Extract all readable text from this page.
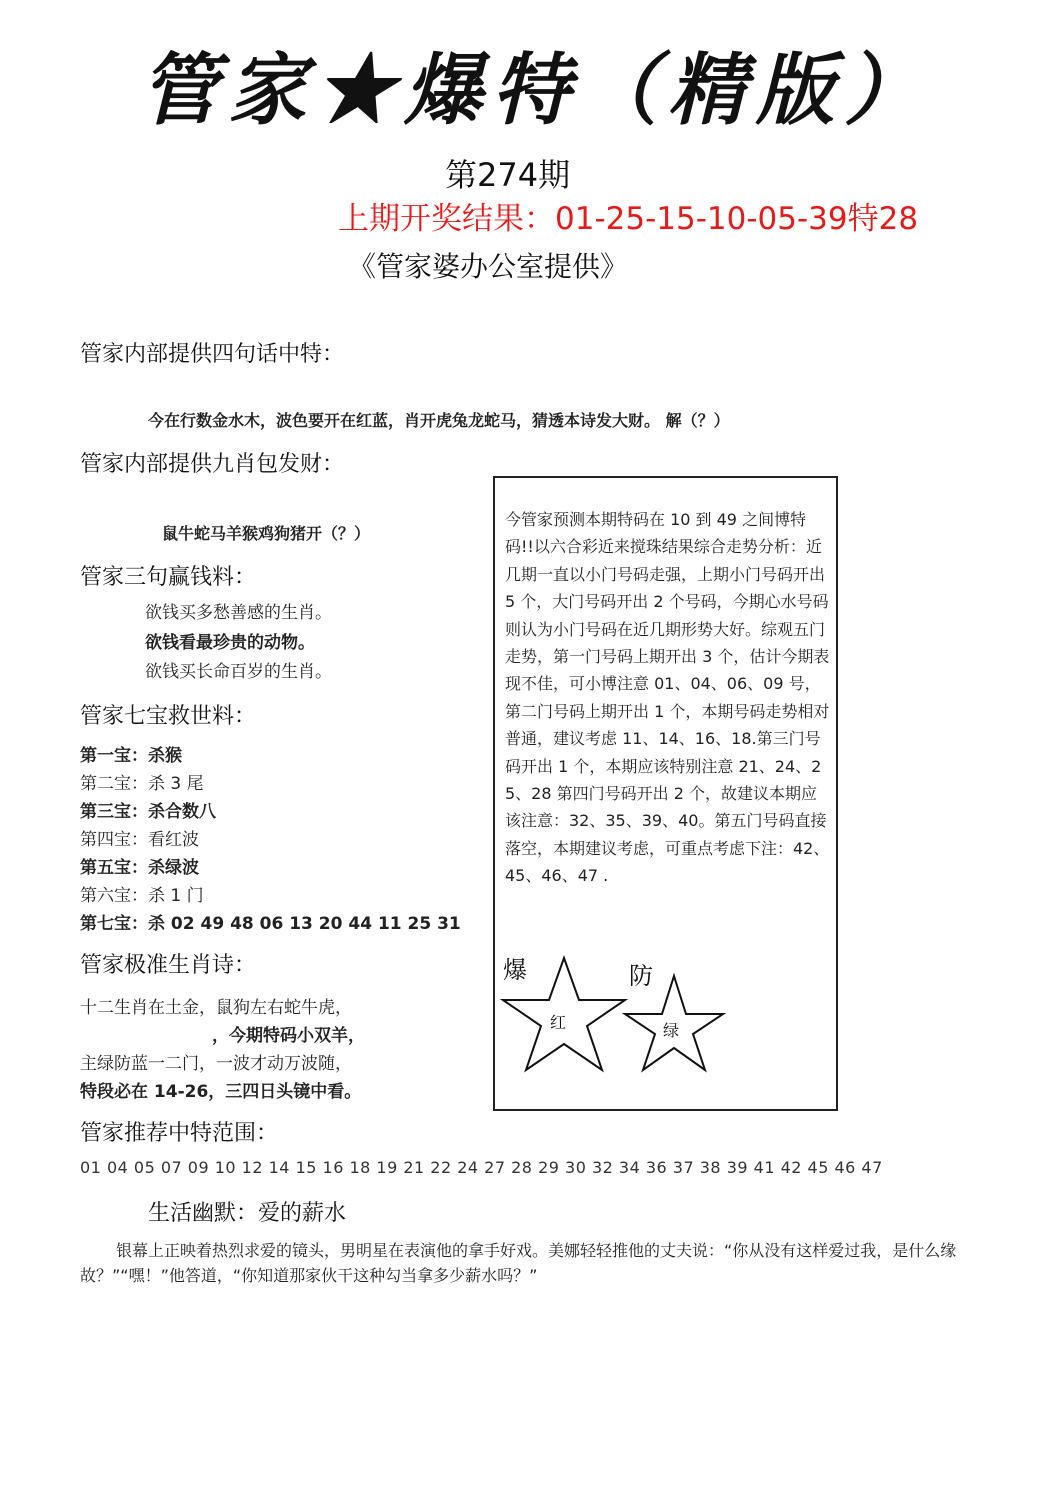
管家★爆特（精版）
第274期
上期开奖结果：01-25-15-10-05-39特28
《管家婆办公室提供》
管家内部提供四句话中特：
今在行数金水木，波色要开在红蓝，肖开虎兔龙蛇马，猜透本诗发大财。 解（？）
管家内部提供九肖包发财：
鼠牛蛇马羊猴鸡狗猪开（？）
管家三句赢钱料：
欲钱买多愁善感的生肖。
欲钱看最珍贵的动物。
欲钱买长命百岁的生肖。
管家七宝救世料：
第一宝：杀猴
第二宝：杀 3 尾
第三宝：杀合数八
第四宝：看红波
第五宝：杀绿波
第六宝：杀 1 门
第七宝：杀 02 49 48 06 13 20 44 11 25 31
管家极准生肖诗：
十二生肖在土金，鼠狗左右蛇牛虎，
，今期特码小双羊，
主绿防蓝一二门，一波才动万波随，
特段必在 14-26，三四日头镜中看。
今管家预测本期特码在 10 到 49 之间博特码!!以六合彩近来搅珠结果综合走势分析：近几期一直以小门号码走强，上期小门号码开出 5 个，大门号码开出 2 个号码，今期心水号码则认为小门号码在近几期形势大好。综观五门走势，第一门号码上期开出 3 个，估计今期表现不佳，可小博注意 01、04、06、09 号，第二门号码上期开出 1 个，本期号码走势相对普通，建议考虑 11、14、16、18.第三门号码开出 1 个，本期应该特别注意 21、24、25、28 第四门号码开出 2 个，故建议本期应该注意：32、35、39、40。第五门号码直接落空，本期建议考虑，可重点考虑下注：42、45、46、47 .
爆
红
防
绿
管家推荐中特范围：
01 04 05 07 09 10 12 14 15 16 18 19 21 22 24 27 28 29 30 32 34 36 37 38 39 41 42 45 46 47
生活幽默：爱的薪水
银幕上正映着热烈求爱的镜头，男明星在表演他的拿手好戏。美娜轻轻推他的丈夫说：“你从没有这样爱过我，是什么缘故？”“嘿！”他答道，“你知道那家伙干这种勾当拿多少薪水吗？”
